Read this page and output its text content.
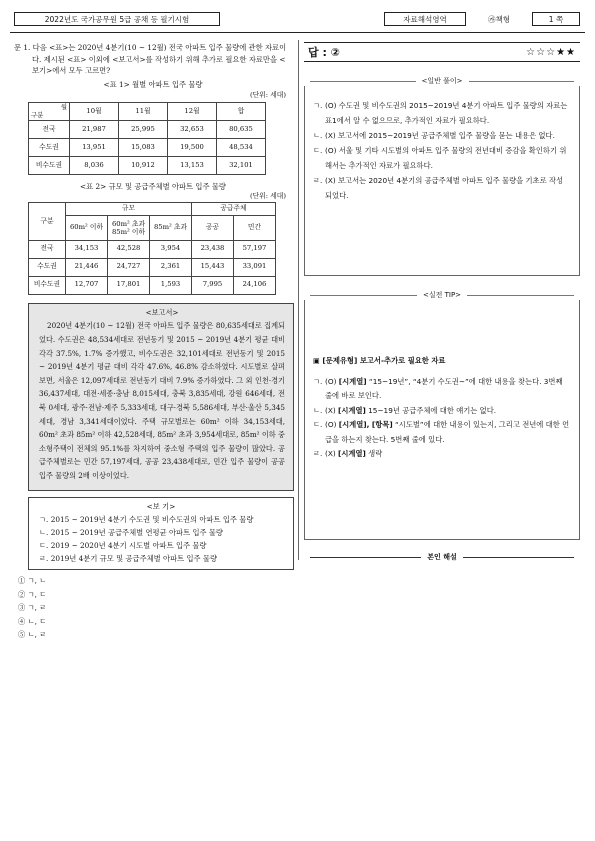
2022년도 국가공무원 5급 공채 등 필기시험	자료해석영역	㉮책형	1 쪽
문 1. 다음 <표>는 2020년 4분기(10 ~ 12월) 전국 아파트 입주 물량에 관한 자료이다. 제시된 <표> 이외에 <보고서>를 작성하기 위해 추가로 필요한 자료만을 <보기>에서 모두 고르면?
<표 1> 월별 아파트 입주 물량
(단위: 세대)
월
구분	10월	11월	12월	합
전국	21,987	25,995	32,653	80,635
수도권	13,951	15,083	19,500	48,534
비수도권	8,036	10,912	13,153	32,101
<표 2> 규모 및 공급주체별 아파트 입주 물량
(단위: 세대)
구분	규모			공급주체	
	60m² 이하	60m² 초과 85m² 이하	85m² 초과	공공	민간
전국	34,153	42,528	3,954	23,438	57,197
수도권	21,446	24,727	2,361	15,443	33,091
비수도권	12,707	17,801	1,593	7,995	24,106
<보고서>
2020년 4분기(10 ~ 12월) 전국 아파트 입주 물량은 80,635세대로 집계되었다. 수도권은 48,534세대로 전년동기 및 2015 ~ 2019년 4분기 평균 대비 각각 37.5%, 1.7% 증가했고, 비수도권은 32,101세대로 전년동기 및 2015 ~ 2019년 4분기 평균 대비 각각 47.6%, 46.8% 감소하였다. 시도별로 살펴보면, 서울은 12,097세대로 전년동기 대비 7.9% 증가하였다. 그 외 인천·경기 36,437세대, 대전·세종·충남 8,015세대, 충북 3,835세대, 강원 646세대, 전북 0세대, 광주·전남·제주 5,333세대, 대구·경북 5,586세대, 부산·울산 5,345세대, 경남 3,341세대이었다. 주택 규모별로는 60m² 이하 34,153세대, 60m² 초과 85m² 이하 42,528세대, 85m² 초과 3,954세대로, 85m² 이하 중소형주택이 전체의 95.1%를 차지하여 중소형 주택의 입주 물량이 많았다. 공급주체별로는 민간 57,197세대, 공공 23,438세대로, 민간 입주 물량이 공공 입주 물량의 2배 이상이었다.
<보 기>
ㄱ. 2015 ~ 2019년 4분기 수도권 및 비수도권의 아파트 입주 물량
ㄴ. 2015 ~ 2019년 공급주체별 연평균 아파트 입주 물량
ㄷ. 2019 ~ 2020년 4분기 시도별 아파트 입주 물량
ㄹ. 2019년 4분기 규모 및 공급주체별 아파트 입주 물량
① ㄱ, ㄴ
② ㄱ, ㄷ
③ ㄱ, ㄹ
④ ㄴ, ㄷ
⑤ ㄴ, ㄹ
답 : ②	☆☆☆★★
<일반 풀이>
ㄱ. (O) 수도권 및 비수도권의 2015~2019년 4분기 아파트 입주 물량의 자료는 표1에서 알 수 없으므로, 추가적인 자료가 필요하다.
ㄴ. (X) 보고서에 2015~2019년 공급주체별 입주 물량을 묻는 내용은 없다.
ㄷ. (O) 서울 및 기타 시도별의 아파트 입주 물량의 전년대비 증감을 확인하기 위해서는 추가적인 자료가 필요하다.
ㄹ. (X) 보고서는 2020년 4분기의 공급주체별 아파트 입주 물량을 기초로 작성되었다.
<실전 TIP>
▣ [문제유형] 보고서-추가로 필요한 자료
ㄱ. (O) [시계열] “15~19년”, “4분기 수도권~”에 대한 내용을 찾는다. 3번째 줄에 바로 보인다.
ㄴ. (X) [시계열] 15~19년 공급주체에 대한 얘기는 없다.
ㄷ. (O) [시계열], [항목] “시도별”에 대한 내용이 있는지, 그리고 전년에 대한 언급을 하는지 찾는다. 5번째 줄에 있다.
ㄹ. (X) [시계열] 생략
본인 해설
